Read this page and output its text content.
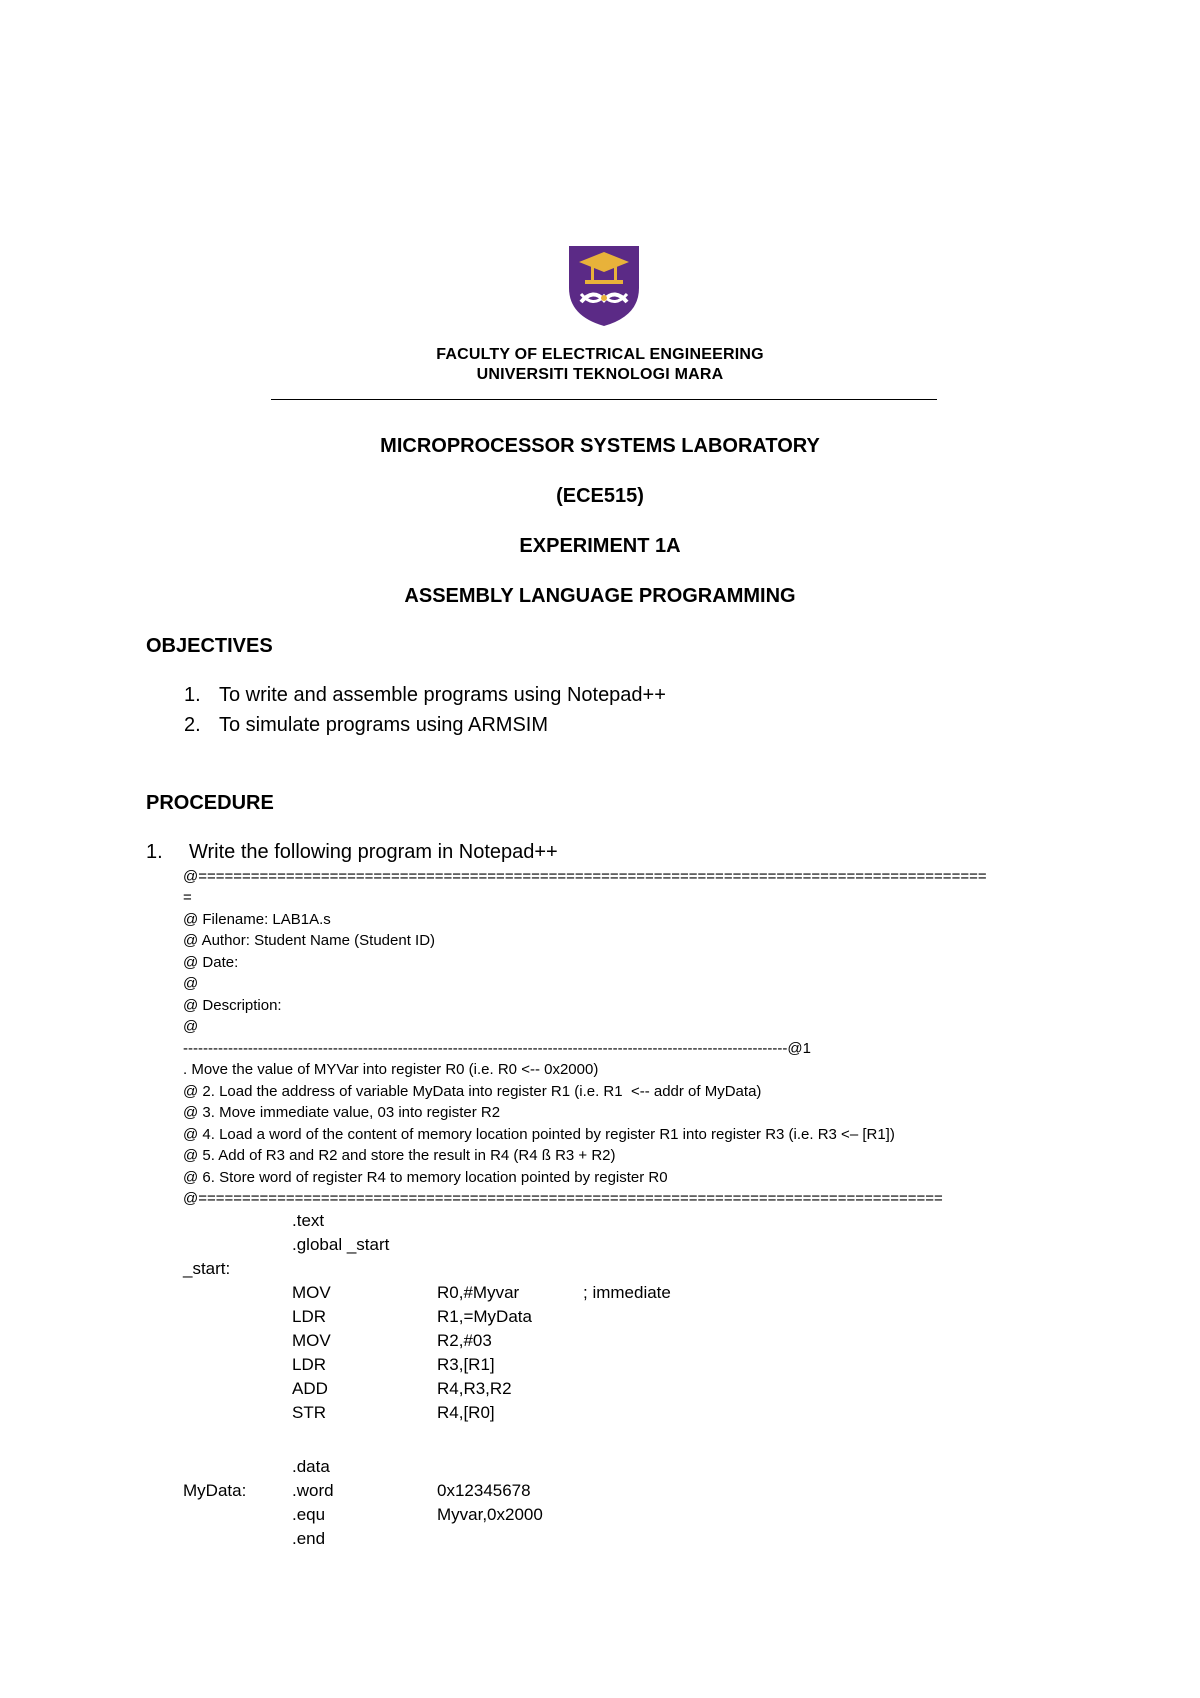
FACULTY OF ELECTRICAL ENGINEERING
UNIVERSITI TEKNOLOGI MARA
MICROPROCESSOR SYSTEMS LABORATORY
(ECE515)
EXPERIMENT 1A
ASSEMBLY LANGUAGE PROGRAMMING
OBJECTIVES
1. To write and assemble programs using Notepad++
2. To simulate programs using ARMSIM
PROCEDURE
1. Write the following program in Notepad++
@==========================================================================================
=
@ Filename: LAB1A.s
@ Author: Student Name (Student ID)
@ Date:
@
@ Description:
@
-------------------------------------------------------------------------------------------------------------------------@1
. Move the value of MYVar into register R0 (i.e. R0 <-- 0x2000)
@ 2. Load the address of variable MyData into register R1 (i.e. R1  <-- addr of MyData)
@ 3. Move immediate value, 03 into register R2
@ 4. Load a word of the content of memory location pointed by register R1 into register R3 (i.e. R3 <– [R1])
@ 5. Add of R3 and R2 and store the result in R4 (R4 ß R3 + R2)
@ 6. Store word of register R4 to memory location pointed by register R0
@=====================================================================================
.text
.global _start
_start:
MOV	R0,#Myvar	; immediate
LDR	R1,=MyData
MOV	R2,#03
LDR	R3,[R1]
ADD	R4,R3,R2
STR	R4,[R0]
.data
MyData:	.word	0x12345678
.equ	Myvar,0x2000
.end
